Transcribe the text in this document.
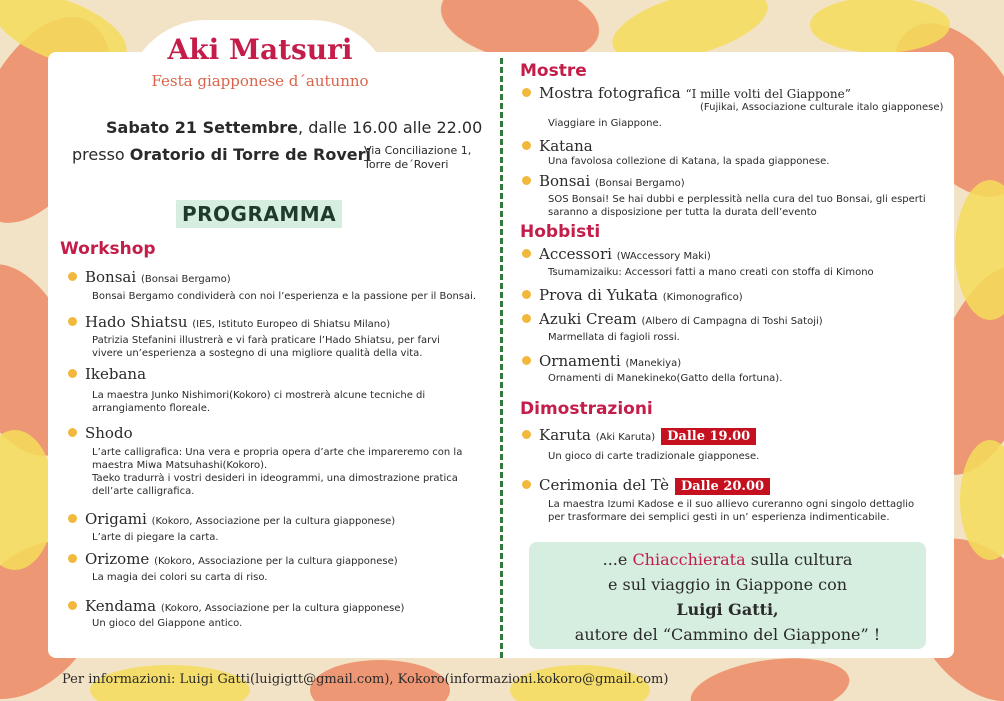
Aki Matsuri
Festa giapponese d´autunno
Sabato 21 Settembre, dalle 16.00 alle 22.00
presso Oratorio di Torre de Roveri
Via Conciliazione 1,
Torre de´Roveri
PROGRAMMA
Workshop
Bonsai (Bonsai Bergamo)
Bonsai Bergamo condividerà con noi l’esperienza e la passione per il Bonsai.
Hado Shiatsu (IES, Istituto Europeo di Shiatsu Milano)
Patrizia Stefanini illustrerà e vi farà praticare l’Hado Shiatsu, per farvi
vivere un’esperienza a sostegno di una migliore qualità della vita.
Ikebana
La maestra Junko Nishimori(Kokoro) ci mostrerà alcune tecniche di
arrangiamento floreale.
Shodo
L’arte calligrafica: Una vera e propria opera d’arte che impareremo con la
maestra Miwa Matsuhashi(Kokoro).
Taeko tradurrà i vostri desideri in ideogrammi, una dimostrazione pratica
dell’arte calligrafica.
Origami (Kokoro, Associazione per la cultura giapponese)
L’arte di piegare la carta.
Orizome (Kokoro, Associazione per la cultura giapponese)
La magia dei colori su carta di riso.
Kendama (Kokoro, Associazione per la cultura giapponese)
Un gioco del Giappone antico.
Mostre
Mostra fotografica “I mille volti del Giappone”
(Fujikai, Associazione culturale italo giapponese)
Viaggiare in Giappone.
Katana
Una favolosa collezione di Katana, la spada giapponese.
Bonsai (Bonsai Bergamo)
SOS Bonsai! Se hai dubbi e perplessità nella cura del tuo Bonsai, gli esperti
saranno a disposizione per tutta la durata dell’evento
Hobbisti
Accessori (WAccessory Maki)
Tsumamizaiku: Accessori fatti a mano creati con stoffa di Kimono
Prova di Yukata (Kimonografico)
Azuki Cream (Albero di Campagna di Toshi Satoji)
Marmellata di fagioli rossi.
Ornamenti (Manekiya)
Ornamenti di Manekineko(Gatto della fortuna).
Dimostrazioni
Karuta (Aki Karuta) Dalle 19.00
Un gioco di carte tradizionale giapponese.
Cerimonia del Tè Dalle 20.00
La maestra Izumi Kadose e il suo allievo cureranno ogni singolo dettaglio
per trasformare dei semplici gesti in un’ esperienza indimenticabile.
...e Chiacchierata sulla cultura
e sul viaggio in Giappone con
Luigi Gatti,
autore del “Cammino del Giappone” !
Per informazioni: Luigi Gatti(luigigtt@gmail.com), Kokoro(informazioni.kokoro@gmail.com)
